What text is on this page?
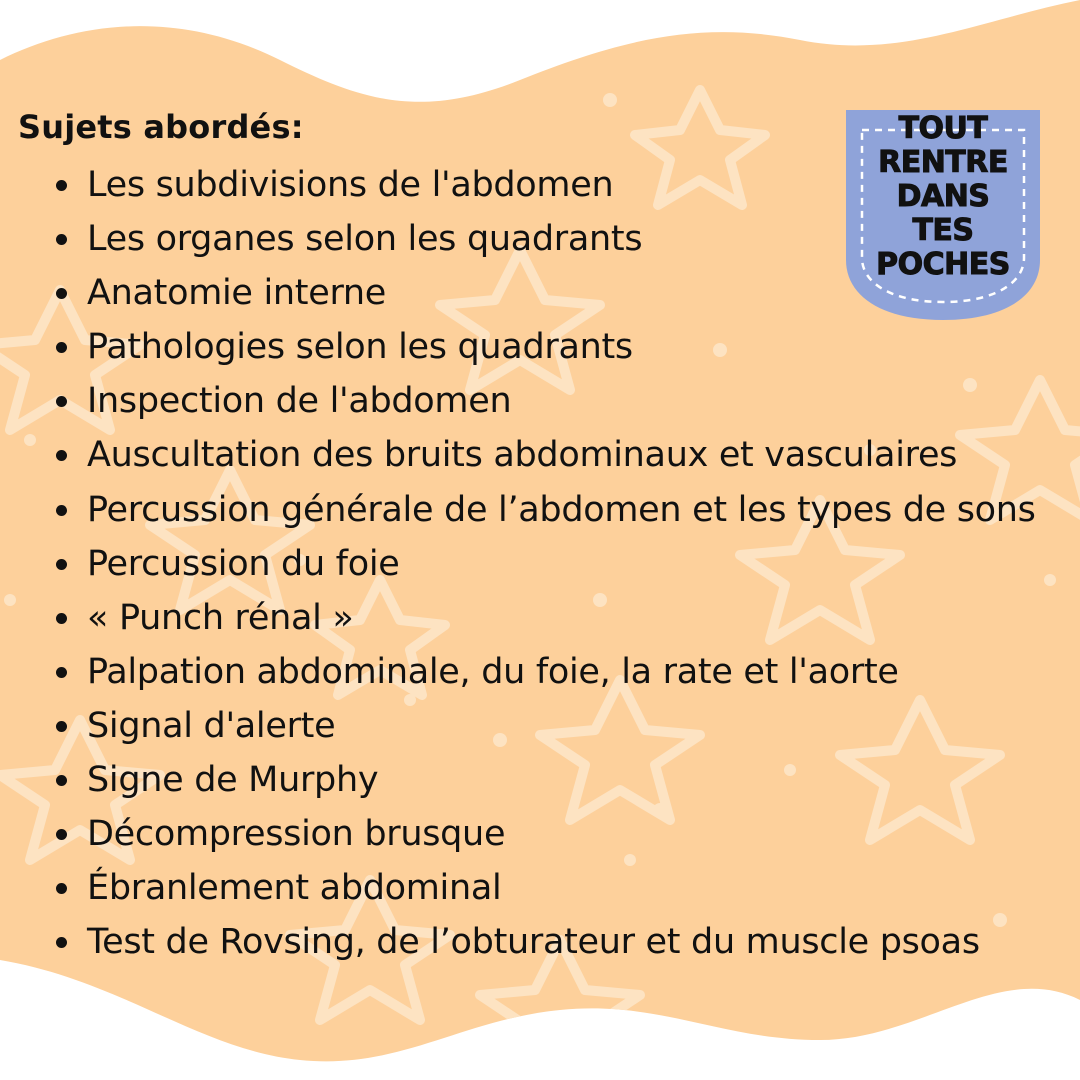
Sujets abordés:
Les subdivisions de l'abdomen
Les organes selon les quadrants
Anatomie interne
Pathologies selon les quadrants
Inspection de l'abdomen
Auscultation des bruits abdominaux et vasculaires
Percussion générale de l’abdomen et les types de sons
Percussion du foie
« Punch rénal »
Palpation abdominale, du foie, la rate et l'aorte
Signal d'alerte
Signe de Murphy
Décompression brusque
Ébranlement abdominal
Test de Rovsing, de l’obturateur et du muscle psoas
TOUT
RENTRE
DANS
TES
POCHES
